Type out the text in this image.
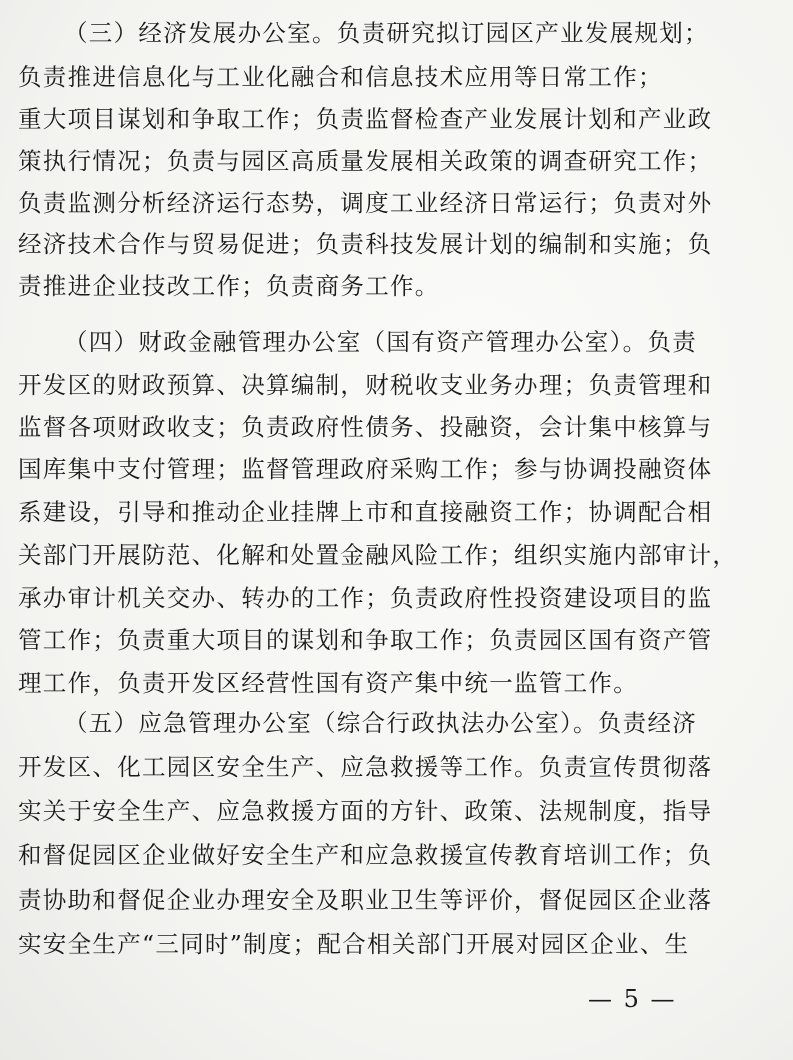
（三）经济发展办公室。负责研究拟订园区产业发展规划；
负责推进信息化与工业化融合和信息技术应用等日常工作；
重大项目谋划和争取工作；负责监督检查产业发展计划和产业政
策执行情况；负责与园区高质量发展相关政策的调查研究工作；
负责监测分析经济运行态势，调度工业经济日常运行；负责对外
经济技术合作与贸易促进；负责科技发展计划的编制和实施；负
责推进企业技改工作；负责商务工作。
（四）财政金融管理办公室（国有资产管理办公室）。负责
开发区的财政预算、决算编制，财税收支业务办理；负责管理和
监督各项财政收支；负责政府性债务、投融资，会计集中核算与
国库集中支付管理；监督管理政府采购工作；参与协调投融资体
系建设，引导和推动企业挂牌上市和直接融资工作；协调配合相
关部门开展防范、化解和处置金融风险工作；组织实施内部审计，
承办审计机关交办、转办的工作；负责政府性投资建设项目的监
管工作；负责重大项目的谋划和争取工作；负责园区国有资产管
理工作，负责开发区经营性国有资产集中统一监管工作。
（五）应急管理办公室（综合行政执法办公室）。负责经济
开发区、化工园区安全生产、应急救援等工作。负责宣传贯彻落
实关于安全生产、应急救援方面的方针、政策、法规制度，指导
和督促园区企业做好安全生产和应急救援宣传教育培训工作；负
责协助和督促企业办理安全及职业卫生等评价，督促园区企业落
实安全生产“三同时”制度；配合相关部门开展对园区企业、生
— 5 —
